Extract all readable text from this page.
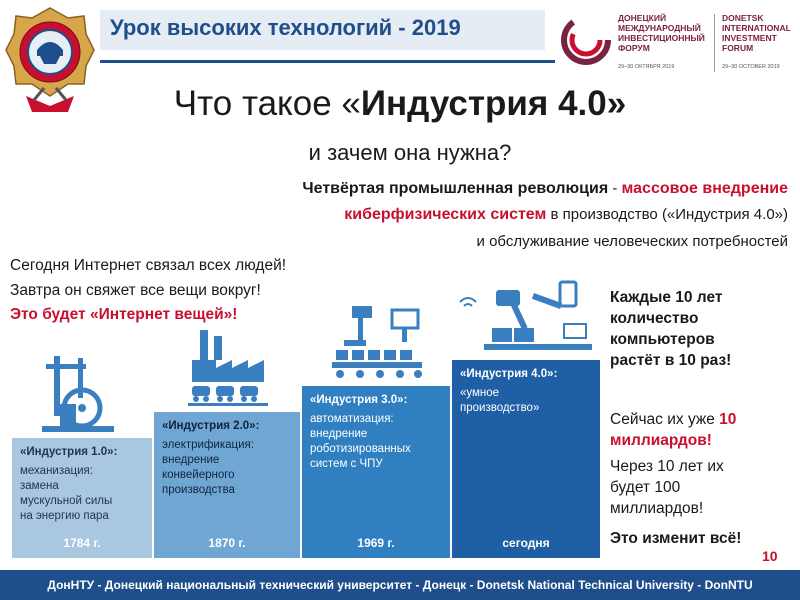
Урок высоких технологий - 2019	ДОНЕЦКИЙ
МЕЖДУНАРОДНЫЙ
ИНВЕСТИЦИОННЫЙ
ФОРУМ
DONETSK
INTERNATIONAL
INVESTMENT
FORUM
29–30 ОКТЯБРЯ 2019	29–30 OCTOBER 2019
Что такое «Индустрия 4.0»
и зачем она нужна?
Четвёртая промышленная революция - массовое внедрение
киберфизических систем в производство («Индустрия 4.0»)
и обслуживание человеческих потребностей
Сегодня Интернет связал всех людей!
Завтра он свяжет все вещи вокруг!
Это будет «Интернет вещей»!
«Индустрия 1.0»:
механизация:
замена
мускульной силы
на энергию пара
1784 г.
«Индустрия 2.0»:
электрификация:
внедрение
конвейерного
производства
1870 г.
«Индустрия 3.0»:
автоматизация:
внедрение
роботизированных
систем с ЧПУ
1969 г.
«Индустрия 4.0»:
«умное
производство»
сегодня
Каждые 10 лет
количество
компьютеров
растёт в 10 раз!
Сейчас их уже 10
миллиардов!
Через 10 лет их
будет 100
миллиардов!
Это изменит всё!
10
ДонНТУ - Донецкий национальный технический университет - Донецк - Donetsk National Technical University - DonNTU
